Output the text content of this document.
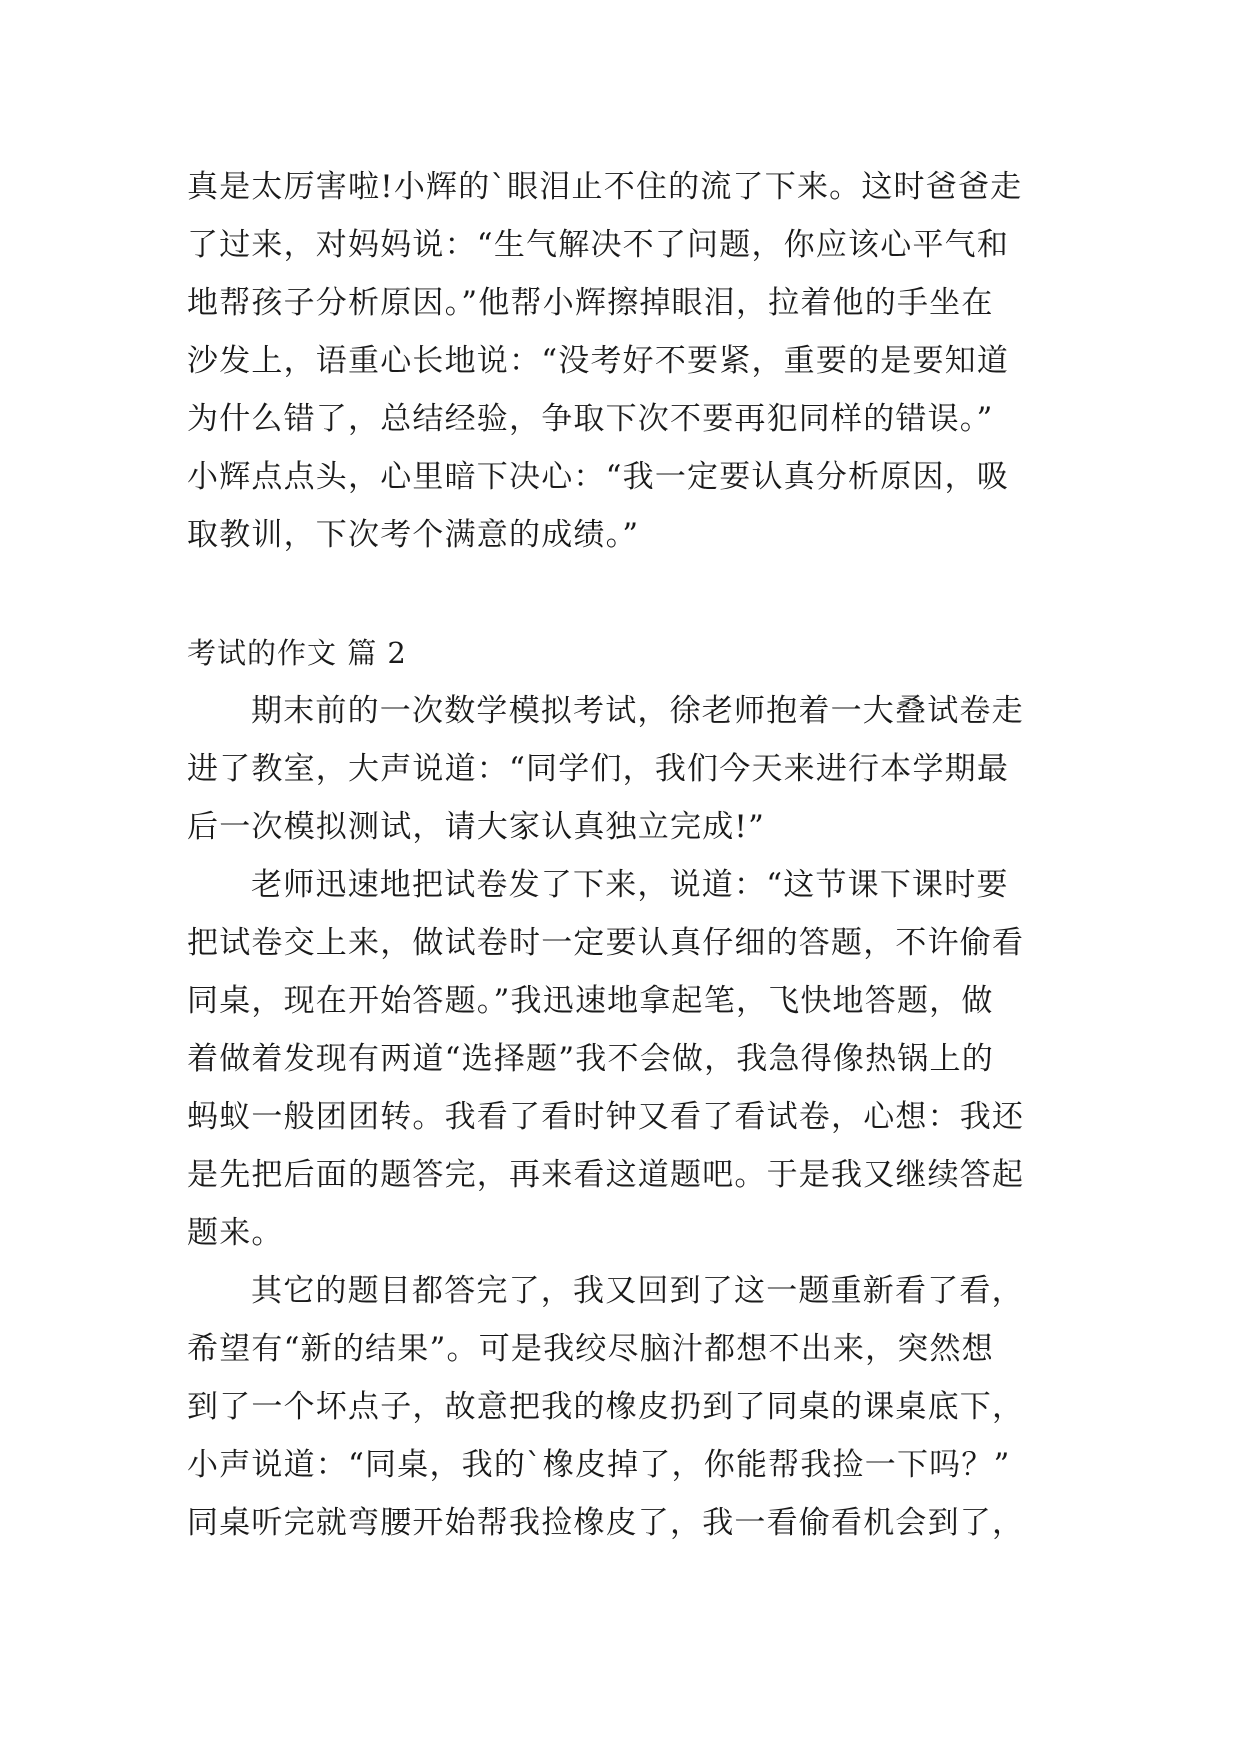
真是太厉害啦!小辉的`眼泪止不住的流了下来。这时爸爸走
了过来，对妈妈说：“生气解决不了问题，你应该心平气和
地帮孩子分析原因。”他帮小辉擦掉眼泪，拉着他的手坐在
沙发上，语重心长地说：“没考好不要紧，重要的是要知道
为什么错了，总结经验，争取下次不要再犯同样的错误。”
小辉点点头，心里暗下决心：“我一定要认真分析原因，吸
取教训，下次考个满意的成绩。”
考试的作文 篇 2
期末前的一次数学模拟考试，徐老师抱着一大叠试卷走
进了教室，大声说道：“同学们，我们今天来进行本学期最
后一次模拟测试，请大家认真独立完成!”
老师迅速地把试卷发了下来，说道：“这节课下课时要
把试卷交上来，做试卷时一定要认真仔细的答题，不许偷看
同桌，现在开始答题。”我迅速地拿起笔，飞快地答题，做
着做着发现有两道“选择题”我不会做，我急得像热锅上的
蚂蚁一般团团转。我看了看时钟又看了看试卷，心想：我还
是先把后面的题答完，再来看这道题吧。于是我又继续答起
题来。
其它的题目都答完了，我又回到了这一题重新看了看，
希望有“新的结果”。可是我绞尽脑汁都想不出来，突然想
到了一个坏点子，故意把我的橡皮扔到了同桌的课桌底下，
小声说道：“同桌，我的`橡皮掉了，你能帮我捡一下吗？”
同桌听完就弯腰开始帮我捡橡皮了，我一看偷看机会到了，
